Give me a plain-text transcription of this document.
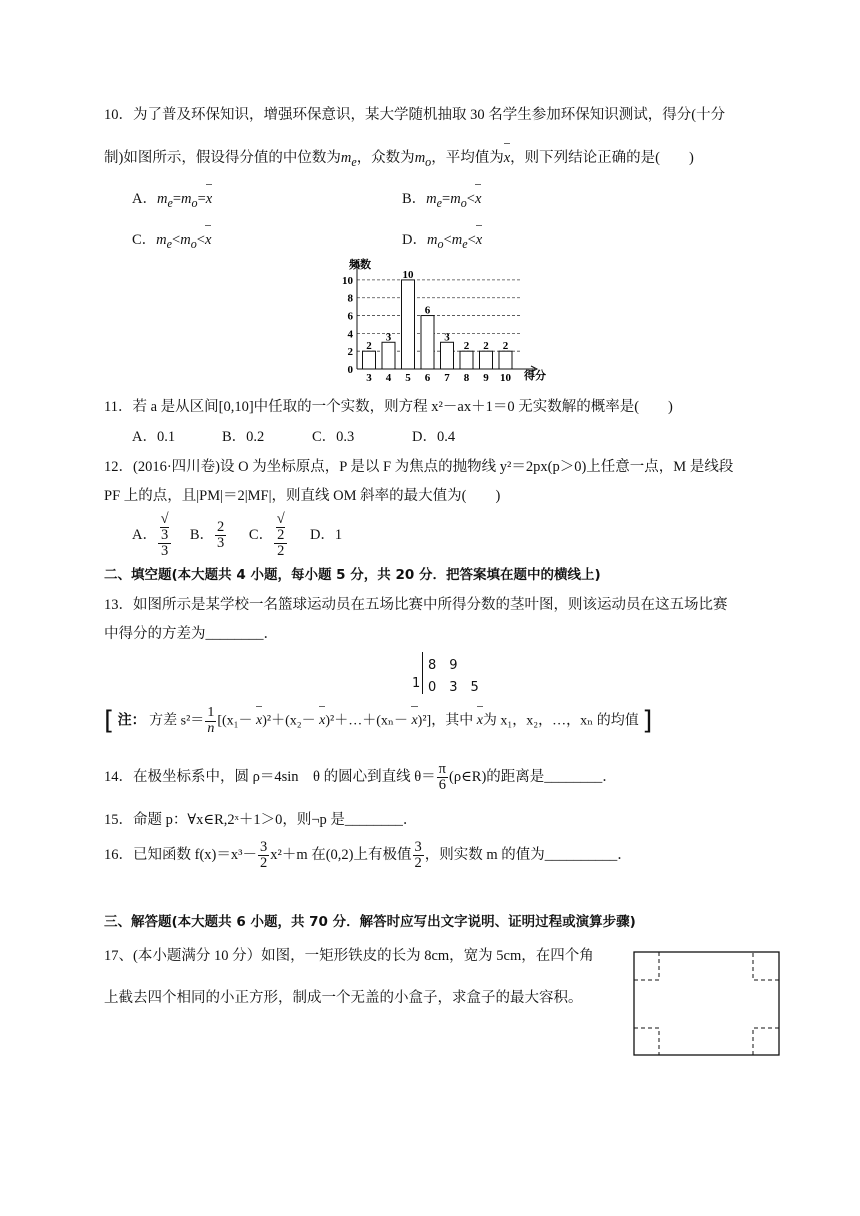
10．为了普及环保知识，增强环保意识，某大学随机抽取 30 名学生参加环保知识测试，得分(十分
制)如图所示，假设得分值的中位数为$m_e$，众数为$m_o$，平均值为x，则下列结论正确的是(　　)
A．$m_e=m_o=x$	B．$m_e=m_o<x$
C．$m_e<m_o<x$	D．$m_o<m_e<x$
频数
得分
2
3
10
6
3
2 2 2
0
2
4
6
8
10
3 4 5 6 7 8 9 10
11．若 a 是从区间[0,10]中任取的一个实数，则方程 x²－ax＋1＝0 无实数解的概率是(　　)
A．0.1	B．0.2	C．0.3	D．0.4
12．(2016·四川卷)设 O 为坐标原点，P 是以 F 为焦点的抛物线 y²＝2px(p＞0)上任意一点，M 是线段
PF 上的点，且|PM|＝2|MF|，则直线 OM 斜率的最大值为(　　)
A． √
3
3 B． $\frac{2}{3}$ C． √
2
2 D．1
二、填空题(本大题共 4 小题，每小题 5 分，共 20 分．把答案填在题中的横线上)
13．如图所示是某学校一名篮球运动员在五场比赛中所得分数的茎叶图，则该运动员在这五场比赛
中得分的方差为________．
1
8　9
0　3　5
[ 注： 方差 $s^2= \frac{1}{n} [(x_1- x)^2+(x_2-$ x)²＋…＋(xₙ－ x)²]，其中 x为 x₁，x₂，…，xₙ 的均值 ]
14．在极坐标系中，圆 ρ＝4sin　θ 的圆心到直线 $\theta= \frac{\pi}{6}$ (ρ∈R)的距离是________．
15．命题 p：∀x∈R,2ˣ＋1＞0，则¬p 是________．
16．已知函数 $f(x)=x^3- \frac{3}{2} x^2+m$ 在(0,2)上有极值 $\frac{3}{2}$ ，则实数 m 的值为__________．
三、解答题(本大题共 6 小题，共 70 分．解答时应写出文字说明、证明过程或演算步骤)
17、(本小题满分 10 分）如图，一矩形铁皮的长为 8cm，宽为 5cm，在四个角
上截去四个相同的小正方形，制成一个无盖的小盒子，求盒子的最大容积。
